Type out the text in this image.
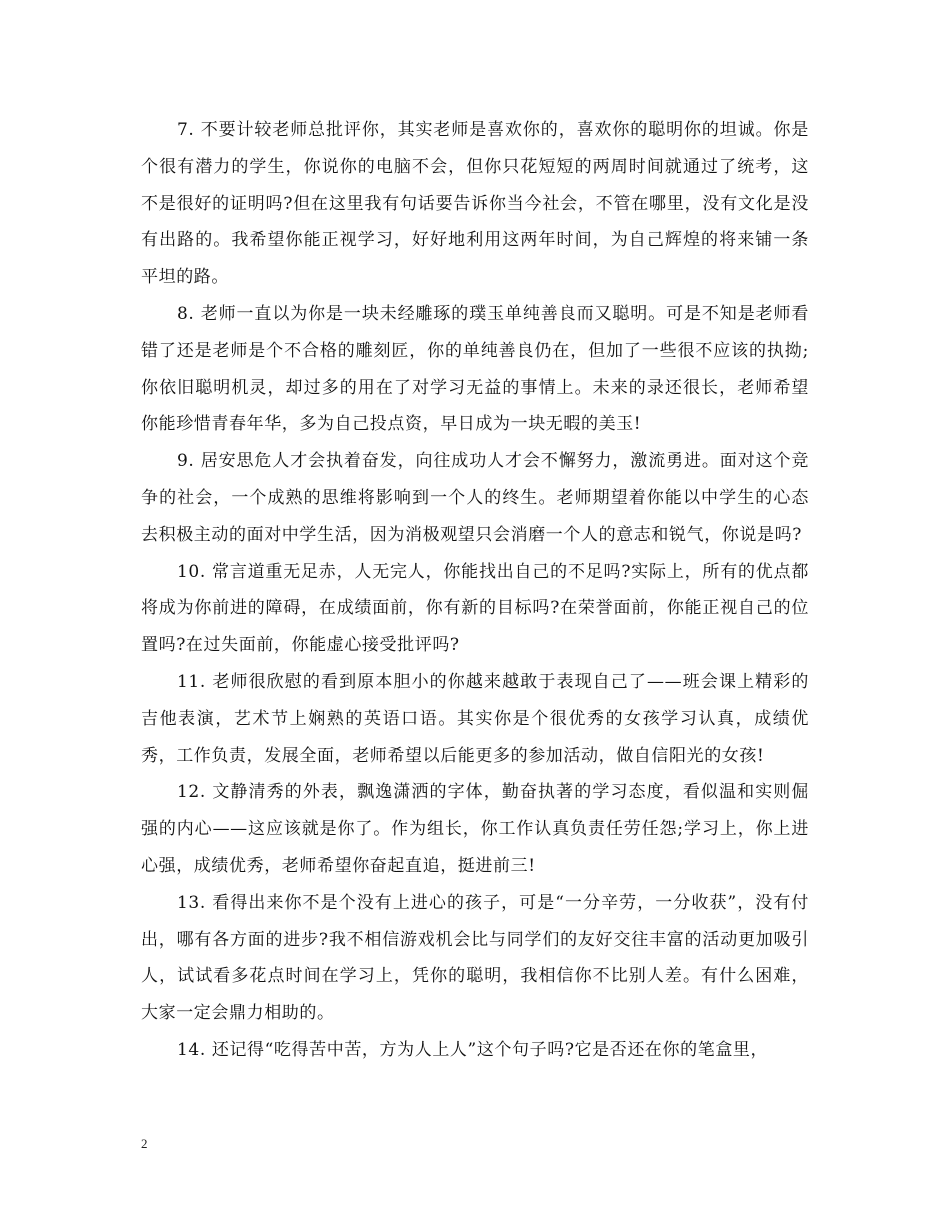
7. 不要计较老师总批评你，其实老师是喜欢你的，喜欢你的聪明你的坦诚。你是个很有潜力的学生，你说你的电脑不会，但你只花短短的两周时间就通过了统考，这不是很好的证明吗?但在这里我有句话要告诉你当今社会，不管在哪里，没有文化是没有出路的。我希望你能正视学习，好好地利用这两年时间，为自己辉煌的将来铺一条平坦的路。

8. 老师一直以为你是一块未经雕琢的璞玉单纯善良而又聪明。可是不知是老师看错了还是老师是个不合格的雕刻匠，你的单纯善良仍在，但加了一些很不应该的执拗;你依旧聪明机灵，却过多的用在了对学习无益的事情上。未来的录还很长，老师希望你能珍惜青春年华，多为自己投点资，早日成为一块无暇的美玉!

9. 居安思危人才会执着奋发，向往成功人才会不懈努力，激流勇进。面对这个竞争的社会，一个成熟的思维将影响到一个人的终生。老师期望着你能以中学生的心态去积极主动的面对中学生活，因为消极观望只会消磨一个人的意志和锐气，你说是吗?

10. 常言道重无足赤，人无完人，你能找出自己的不足吗?实际上，所有的优点都将成为你前进的障碍，在成绩面前，你有新的目标吗?在荣誉面前，你能正视自己的位置吗?在过失面前，你能虚心接受批评吗?

11. 老师很欣慰的看到原本胆小的你越来越敢于表现自己了——班会课上精彩的吉他表演，艺术节上娴熟的英语口语。其实你是个很优秀的女孩学习认真，成绩优秀，工作负责，发展全面，老师希望以后能更多的参加活动，做自信阳光的女孩!

12. 文静清秀的外表，飘逸潇洒的字体，勤奋执著的学习态度，看似温和实则倔强的内心——这应该就是你了。作为组长，你工作认真负责任劳任怨;学习上，你上进心强，成绩优秀，老师希望你奋起直追，挺进前三!

13. 看得出来你不是个没有上进心的孩子，可是“一分辛劳，一分收获”，没有付出，哪有各方面的进步?我不相信游戏机会比与同学们的友好交往丰富的活动更加吸引人，试试看多花点时间在学习上，凭你的聪明，我相信你不比别人差。有什么困难，大家一定会鼎力相助的。

14. 还记得“吃得苦中苦，方为人上人”这个句子吗?它是否还在你的笔盒里，

2
